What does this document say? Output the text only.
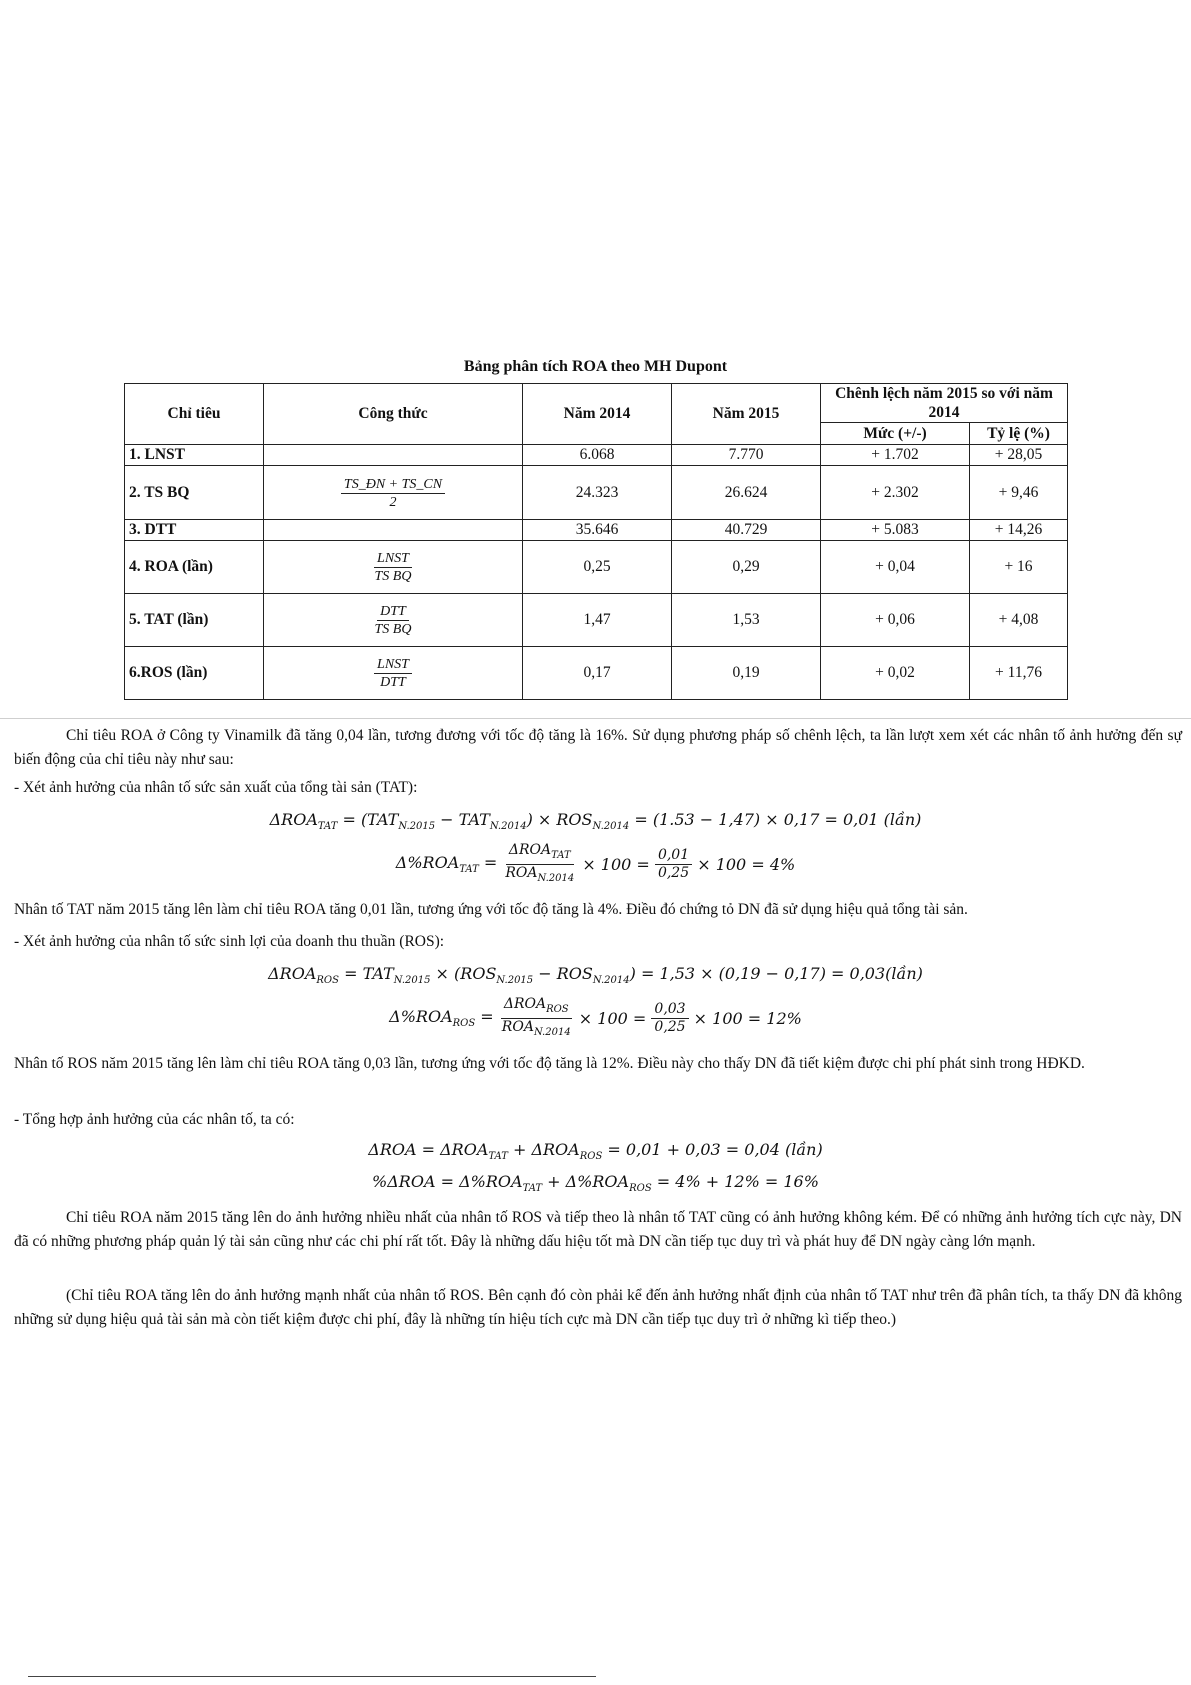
Bảng phân tích ROA theo MH Dupont
Chỉ tiêu	Công thức	Năm 2014	Năm 2015	Chênh lệch năm 2015 so với năm 2014	
				Mức (+/-)	Tỷ lệ (%)
1. LNST		6.068	7.770	+ 1.702	+ 28,05
2. TS BQ	$\frac{TS\_ĐN + TS\_CN}{2}$	24.323	26.624	+ 2.302	+ 9,46
3. DTT		35.646	40.729	+ 5.083	+ 14,26
4. ROA (lần)	$\frac{\text{LNST}}{\text{TS BQ}}$	0,25	0,29	+ 0,04	+ 16
5. TAT (lần)	$\frac{\text{DTT}}{\text{TS BQ}}$	1,47	1,53	+ 0,06	+ 4,08
6.ROS (lần)	$\frac{\text{LNST}}{\text{DTT}}$	0,17	0,19	+ 0,02	+ 11,76

Chỉ tiêu ROA ở Công ty Vinamilk đã tăng 0,04 lần, tương đương với tốc độ tăng là 16%. Sử dụng phương pháp số chênh lệch, ta lần lượt xem xét các nhân tố ảnh hưởng đến sự biến động của chỉ tiêu này như sau:

- Xét ảnh hưởng của nhân tố sức sản xuất của tổng tài sản (TAT):

$\Delta ROA_{TAT} = (TAT_{N.2015} - TAT_{N.2014}) \times ROS_{N.2014} = (1.53 - 1,47) \times 0,17 = 0,01$ (lần)
$\Delta\%ROA_{TAT} = \frac{\Delta ROA_{TAT}}{ROA_{N.2014}} \times 100 = \frac{0,01}{0,25} \times 100 = 4\%$

Nhân tố TAT năm 2015 tăng lên làm chỉ tiêu ROA tăng 0,01 lần, tương ứng với tốc độ tăng là 4%. Điều đó chứng tỏ DN đã sử dụng hiệu quả tổng tài sản.

- Xét ảnh hưởng của nhân tố sức sinh lợi của doanh thu thuần (ROS):

$\Delta ROA_{ROS} = TAT_{N.2015} \times (ROS_{N.2015} - ROS_{N.2014}) = 1,53 \times (0,19 - 0,17)$ = 0,03(lần)
$\Delta\%ROA_{ROS} = \frac{\Delta ROA_{ROS}}{ROA_{N.2014}} \times 100 = \frac{0,03}{0,25} \times 100 = 12\%$

Nhân tố ROS năm 2015 tăng lên làm chỉ tiêu ROA tăng 0,03 lần, tương ứng với tốc độ tăng là 12%. Điều này cho thấy DN đã tiết kiệm được chi phí phát sinh trong HĐKD.

- Tổng hợp ảnh hưởng của các nhân tố, ta có:

$\Delta ROA = \Delta ROA_{TAT} + \Delta ROA_{ROS} = 0,01 + 0,03 = 0,04$ (lần)
$\%\Delta ROA = \Delta\%ROA_{TAT} + \Delta\%ROA_{ROS} = 4\% + 12\% = 16\%$

Chỉ tiêu ROA năm 2015 tăng lên do ảnh hưởng nhiều nhất của nhân tố ROS và tiếp theo là nhân tố TAT cũng có ảnh hưởng không kém. Để có những ảnh hưởng tích cực này, DN đã có những phương pháp quản lý tài sản cũng như các chi phí rất tốt. Đây là những dấu hiệu tốt mà DN cần tiếp tục duy trì và phát huy để DN ngày càng lớn mạnh.

(Chỉ tiêu ROA tăng lên do ảnh hưởng mạnh nhất của nhân tố ROS. Bên cạnh đó còn phải kể đến ảnh hưởng nhất định của nhân tố TAT như trên đã phân tích, ta thấy DN đã không những sử dụng hiệu quả tài sản mà còn tiết kiệm được chi phí, đây là những tín hiệu tích cực mà DN cần tiếp tục duy trì ở những kì tiếp theo.)
